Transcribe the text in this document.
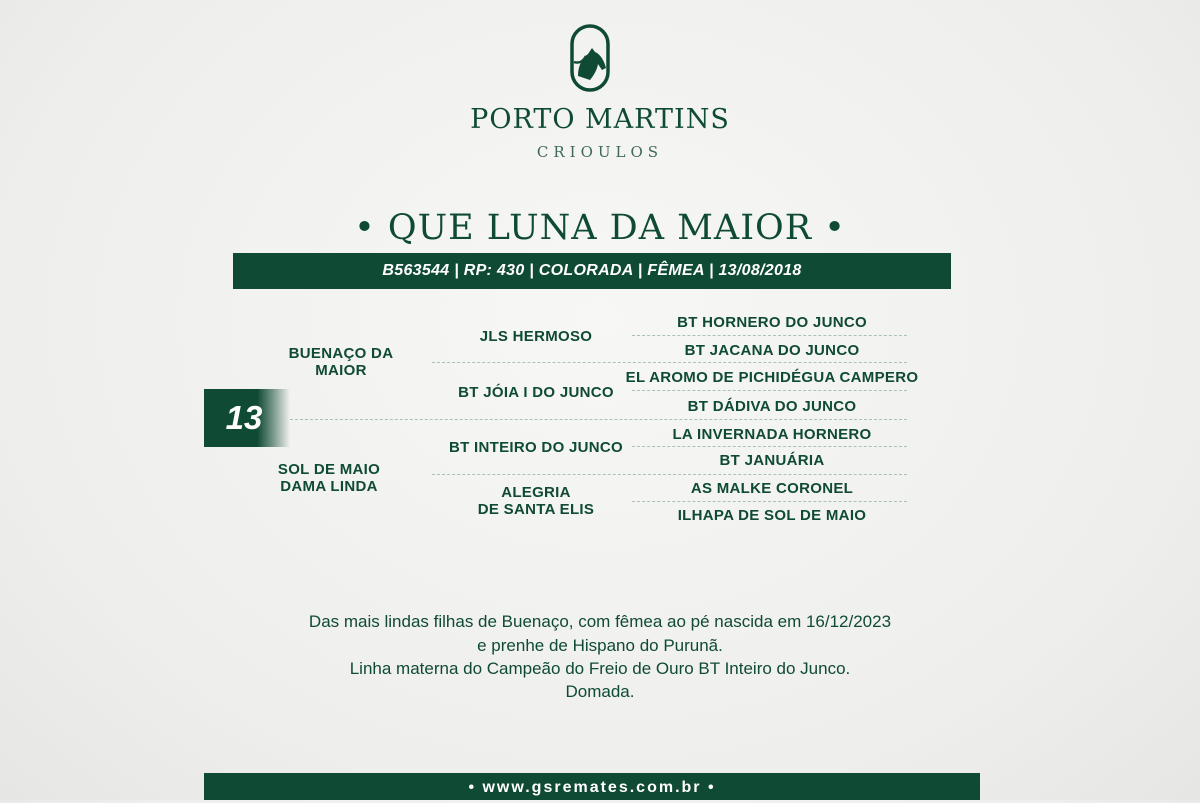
PORTO MARTINS
CRIOULOS
• QUE LUNA DA MAIOR •
B563544 | RP: 430 | COLORADA | FÊMEA | 13/08/2018
13
BUENAÇO DA MAIOR
SOL DE MAIO DAMA LINDA
JLS HERMOSO
BT JÓIA I DO JUNCO
BT INTEIRO DO JUNCO
ALEGRIA
DE SANTA ELIS
BT HORNERO DO JUNCO
BT JACANA DO JUNCO
EL AROMO DE PICHIDÉGUA CAMPERO
BT DÁDIVA DO JUNCO
LA INVERNADA HORNERO
BT JANUÁRIA
AS MALKE CORONEL
ILHAPA DE SOL DE MAIO
Das mais lindas filhas de Buenaço, com fêmea ao pé nascida em 16/12/2023
e prenhe de Hispano do Purunã.
Linha materna do Campeão do Freio de Ouro BT Inteiro do Junco.
Domada.
• www.gsremates.com.br •
